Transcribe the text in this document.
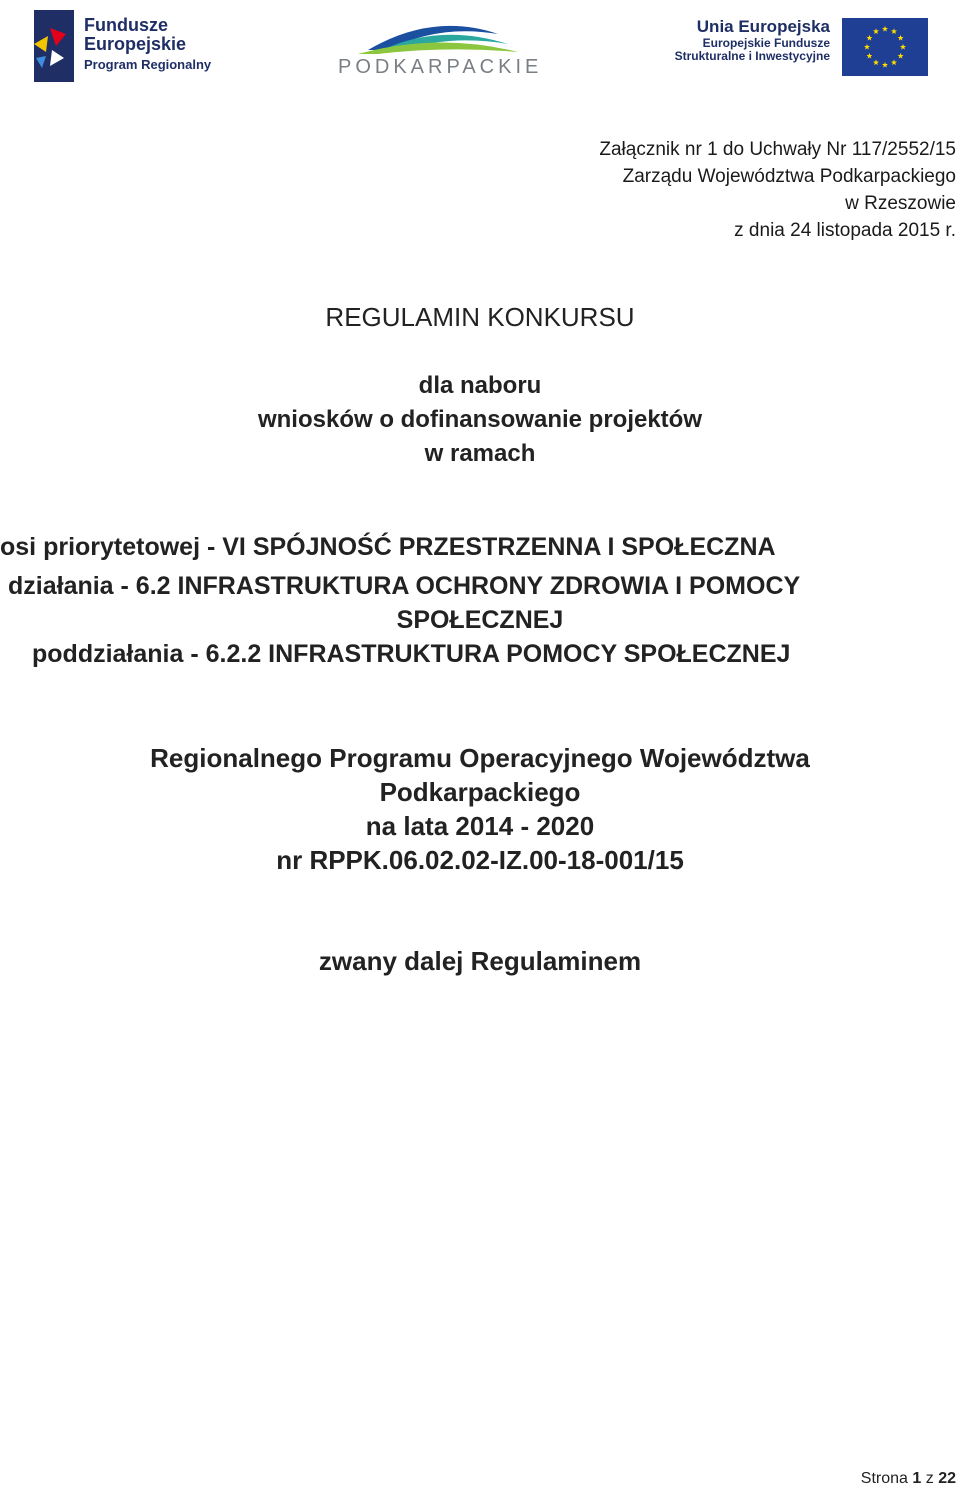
Fundusze
Europejskie
Program Regionalny	PODKARPACKIE
Unia Europejska
Europejskie Fundusze
Strukturalne i Inwestycyjne
Załącznik nr 1 do Uchwały Nr 117/2552/15
Zarządu Województwa Podkarpackiego
w Rzeszowie
z dnia 24 listopada 2015 r.
REGULAMIN KONKURSU
dla naboru
wniosków o dofinansowanie projektów
w ramach
osi priorytetowej - VI SPÓJNOŚĆ PRZESTRZENNA I SPOŁECZNA
działania - 6.2 INFRASTRUKTURA OCHRONY ZDROWIA I POMOCY
SPOŁECZNEJ
poddziałania - 6.2.2 INFRASTRUKTURA POMOCY SPOŁECZNEJ
Regionalnego Programu Operacyjnego Województwa
Podkarpackiego
na lata 2014 - 2020
nr RPPK.06.02.02-IZ.00-18-001/15
zwany dalej Regulaminem
Strona 1 z 22
